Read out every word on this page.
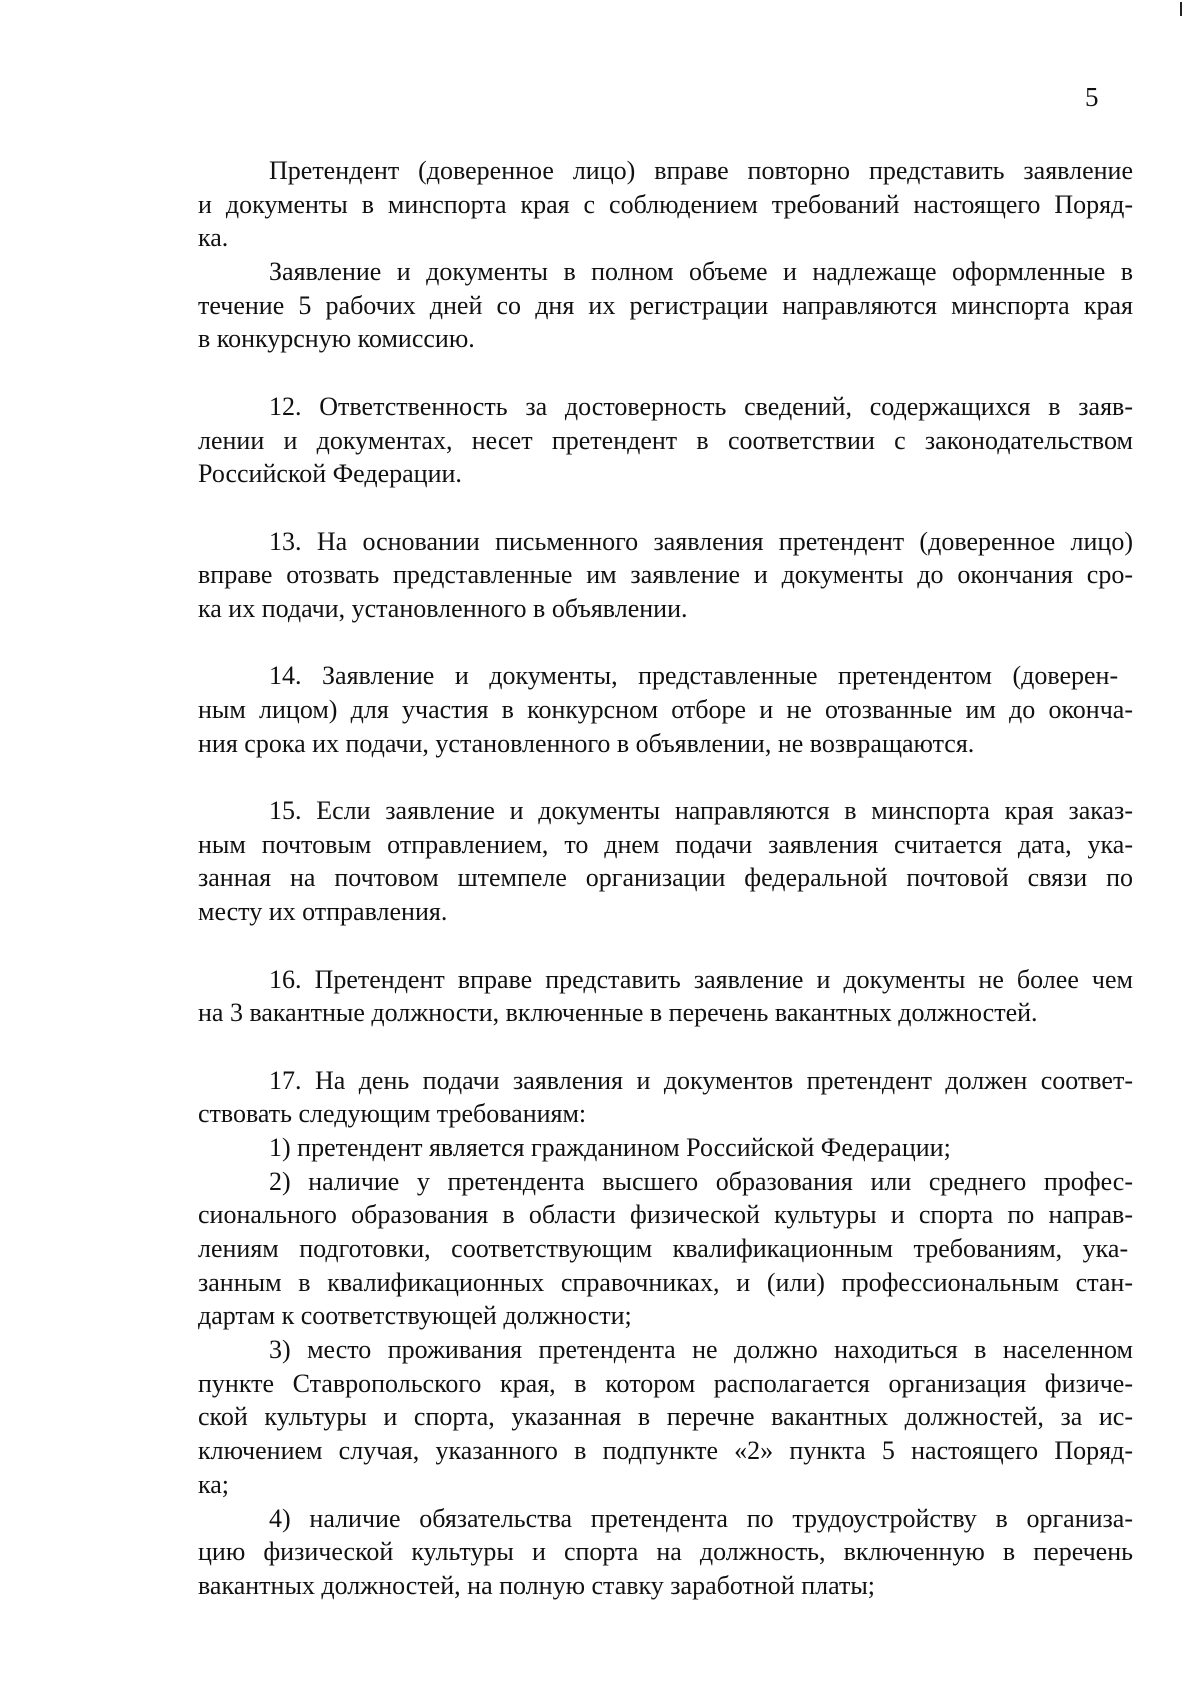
5
Претендент (доверенное лицо) вправе повторно представить заявление
и документы в минспорта края с соблюдением требований настоящего Поряд-
ка.
Заявление и документы в полном объеме и надлежаще оформленные в
течение 5 рабочих дней со дня их регистрации направляются минспорта края
в конкурсную комиссию.
12. Ответственность за достоверность сведений, содержащихся в заяв-
лении и документах, несет претендент в соответствии с законодательством
Российской Федерации.
13. На основании письменного заявления претендент (доверенное лицо)
вправе отозвать представленные им заявление и документы до окончания сро-
ка их подачи, установленного в объявлении.
14. Заявление и документы, представленные претендентом (доверен-
ным лицом) для участия в конкурсном отборе и не отозванные им до оконча-
ния срока их подачи, установленного в объявлении, не возвращаются.
15. Если заявление и документы направляются в минспорта края заказ-
ным почтовым отправлением, то днем подачи заявления считается дата, ука-
занная на почтовом штемпеле организации федеральной почтовой связи по
месту их отправления.
16. Претендент вправе представить заявление и документы не более чем
на 3 вакантные должности, включенные в перечень вакантных должностей.
17. На день подачи заявления и документов претендент должен соответ-
ствовать следующим требованиям:
1) претендент является гражданином Российской Федерации;
2) наличие у претендента высшего образования или среднего профес-
сионального образования в области физической культуры и спорта по направ-
лениям подготовки, соответствующим квалификационным требованиям, ука-
занным в квалификационных справочниках, и (или) профессиональным стан-
дартам к соответствующей должности;
3) место проживания претендента не должно находиться в населенном
пункте Ставропольского края, в котором располагается организация физиче-
ской культуры и спорта, указанная в перечне вакантных должностей, за ис-
ключением случая, указанного в подпункте «2» пункта 5 настоящего Поряд-
ка;
4) наличие обязательства претендента по трудоустройству в организа-
цию физической культуры и спорта на должность, включенную в перечень
вакантных должностей, на полную ставку заработной платы;
